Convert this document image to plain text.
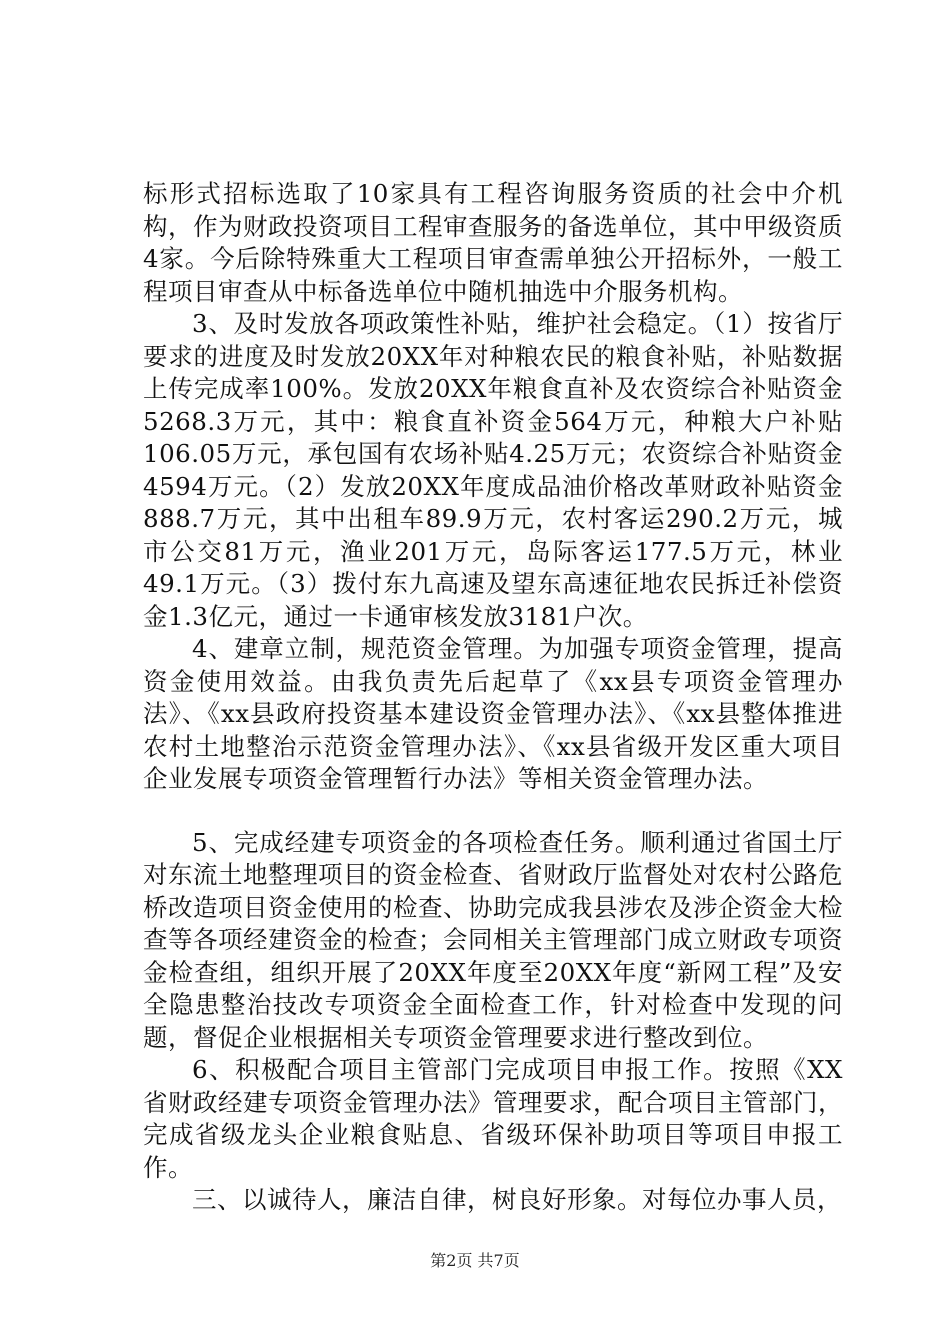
标形式招标选取了10家具有工程咨询服务资质的社会中介机构，作为财政投资项目工程审查服务的备选单位，其中甲级资质4家。今后除特殊重大工程项目审查需单独公开招标外，一般工程项目审查从中标备选单位中随机抽选中介服务机构。

3、及时发放各项政策性补贴，维护社会稳定。（1）按省厅要求的进度及时发放20XX年对种粮农民的粮食补贴，补贴数据上传完成率100%。发放20XX年粮食直补及农资综合补贴资金5268.3万元，其中：粮食直补资金564万元，种粮大户补贴106.05万元，承包国有农场补贴4.25万元；农资综合补贴资金4594万元。（2）发放20XX年度成品油价格改革财政补贴资金888.7万元，其中出租车89.9万元，农村客运290.2万元，城市公交81万元，渔业201万元，岛际客运177.5万元，林业49.1万元。（3）拨付东九高速及望东高速征地农民拆迁补偿资金1.3亿元，通过一卡通审核发放3181户次。

4、建章立制，规范资金管理。为加强专项资金管理，提高资金使用效益。由我负责先后起草了《xx县专项资金管理办法》、《xx县政府投资基本建设资金管理办法》、《xx县整体推进农村土地整治示范资金管理办法》、《xx县省级开发区重大项目企业发展专项资金管理暂行办法》等相关资金管理办法。

5、完成经建专项资金的各项检查任务。顺利通过省国土厅对东流土地整理项目的资金检查、省财政厅监督处对农村公路危桥改造项目资金使用的检查、协助完成我县涉农及涉企资金大检查等各项经建资金的检查；会同相关主管理部门成立财政专项资金检查组，组织开展了20XX年度至20XX年度“新网工程”及安全隐患整治技改专项资金全面检查工作，针对检查中发现的问题，督促企业根据相关专项资金管理要求进行整改到位。

6、积极配合项目主管部门完成项目申报工作。按照《XX省财政经建专项资金管理办法》管理要求，配合项目主管部门，完成省级龙头企业粮食贴息、省级环保补助项目等项目申报工作。

三、以诚待人，廉洁自律，树良好形象。对每位办事人员，

第2页 共7页
